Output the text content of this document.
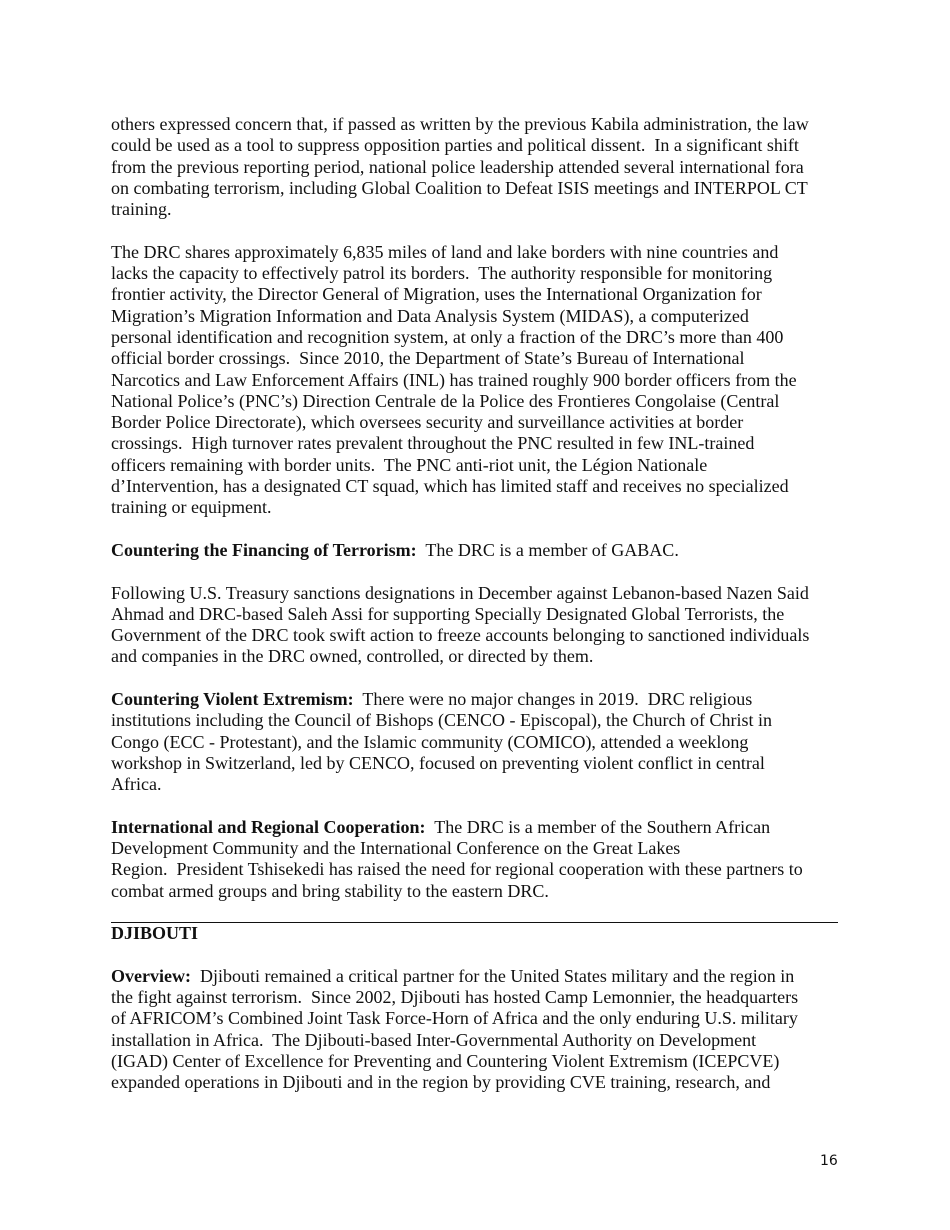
others expressed concern that, if passed as written by the previous Kabila administration, the law
could be used as a tool to suppress opposition parties and political dissent.  In a significant shift
from the previous reporting period, national police leadership attended several international fora
on combating terrorism, including Global Coalition to Defeat ISIS meetings and INTERPOL CT
training.

The DRC shares approximately 6,835 miles of land and lake borders with nine countries and
lacks the capacity to effectively patrol its borders.  The authority responsible for monitoring
frontier activity, the Director General of Migration, uses the International Organization for
Migration’s Migration Information and Data Analysis System (MIDAS), a computerized
personal identification and recognition system, at only a fraction of the DRC’s more than 400
official border crossings.  Since 2010, the Department of State’s Bureau of International
Narcotics and Law Enforcement Affairs (INL) has trained roughly 900 border officers from the
National Police’s (PNC’s) Direction Centrale de la Police des Frontieres Congolaise (Central
Border Police Directorate), which oversees security and surveillance activities at border
crossings.  High turnover rates prevalent throughout the PNC resulted in few INL-trained
officers remaining with border units.  The PNC anti-riot unit, the Légion Nationale
d’Intervention, has a designated CT squad, which has limited staff and receives no specialized
training or equipment.

Countering the Financing of Terrorism:  The DRC is a member of GABAC.

Following U.S. Treasury sanctions designations in December against Lebanon-based Nazen Said
Ahmad and DRC-based Saleh Assi for supporting Specially Designated Global Terrorists, the
Government of the DRC took swift action to freeze accounts belonging to sanctioned individuals
and companies in the DRC owned, controlled, or directed by them.

Countering Violent Extremism:  There were no major changes in 2019.  DRC religious
institutions including the Council of Bishops (CENCO - Episcopal), the Church of Christ in
Congo (ECC - Protestant), and the Islamic community (COMICO), attended a weeklong
workshop in Switzerland, led by CENCO, focused on preventing violent conflict in central
Africa.

International and Regional Cooperation:  The DRC is a member of the Southern African
Development Community and the International Conference on the Great Lakes
Region.  President Tshisekedi has raised the need for regional cooperation with these partners to
combat armed groups and bring stability to the eastern DRC.

DJIBOUTI

Overview:  Djibouti remained a critical partner for the United States military and the region in
the fight against terrorism.  Since 2002, Djibouti has hosted Camp Lemonnier, the headquarters
of AFRICOM’s Combined Joint Task Force-Horn of Africa and the only enduring U.S. military
installation in Africa.  The Djibouti-based Inter-Governmental Authority on Development
(IGAD) Center of Excellence for Preventing and Countering Violent Extremism (ICEPCVE)
expanded operations in Djibouti and in the region by providing CVE training, research, and

16
